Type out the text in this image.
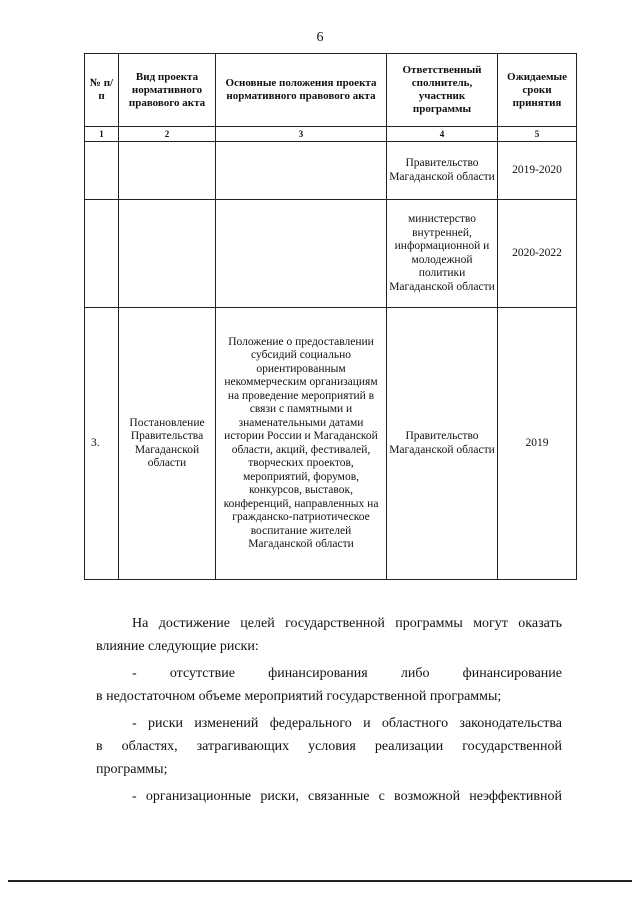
6
№ п/п	Вид проекта нормативного правового акта	Основные положения проекта нормативного правового акта	Ответственный сполнитель, участник программы	Ожидаемые сроки принятия
1	2	3	4	5
			Правительство Магаданской области	2019-2020
			министерство внутренней, информационной и молодежной политики Магаданской области	2020-2022
3.	Постановление Правительства Магаданской области	Положение о предоставлении субсидий социально ориентированным некоммерческим организациям на проведение мероприятий в связи с памятными и знаменательными датами истории России и Магаданской области, акций, фестивалей, творческих проектов, мероприятий, форумов, конкурсов, выставок, конференций, направленных на гражданско-патриотическое воспитание жителей Магаданской области	Правительство Магаданской области	2019
На достижение целей государственной программы могут оказать
влияние следующие риски:
- отсутствие финансирования либо финансирование
в недостаточном объеме мероприятий государственной программы;
- риски изменений федерального и областного законодательства
в областях, затрагивающих условия реализации государственной
программы;
- организационные риски, связанные с возможной неэффективной
